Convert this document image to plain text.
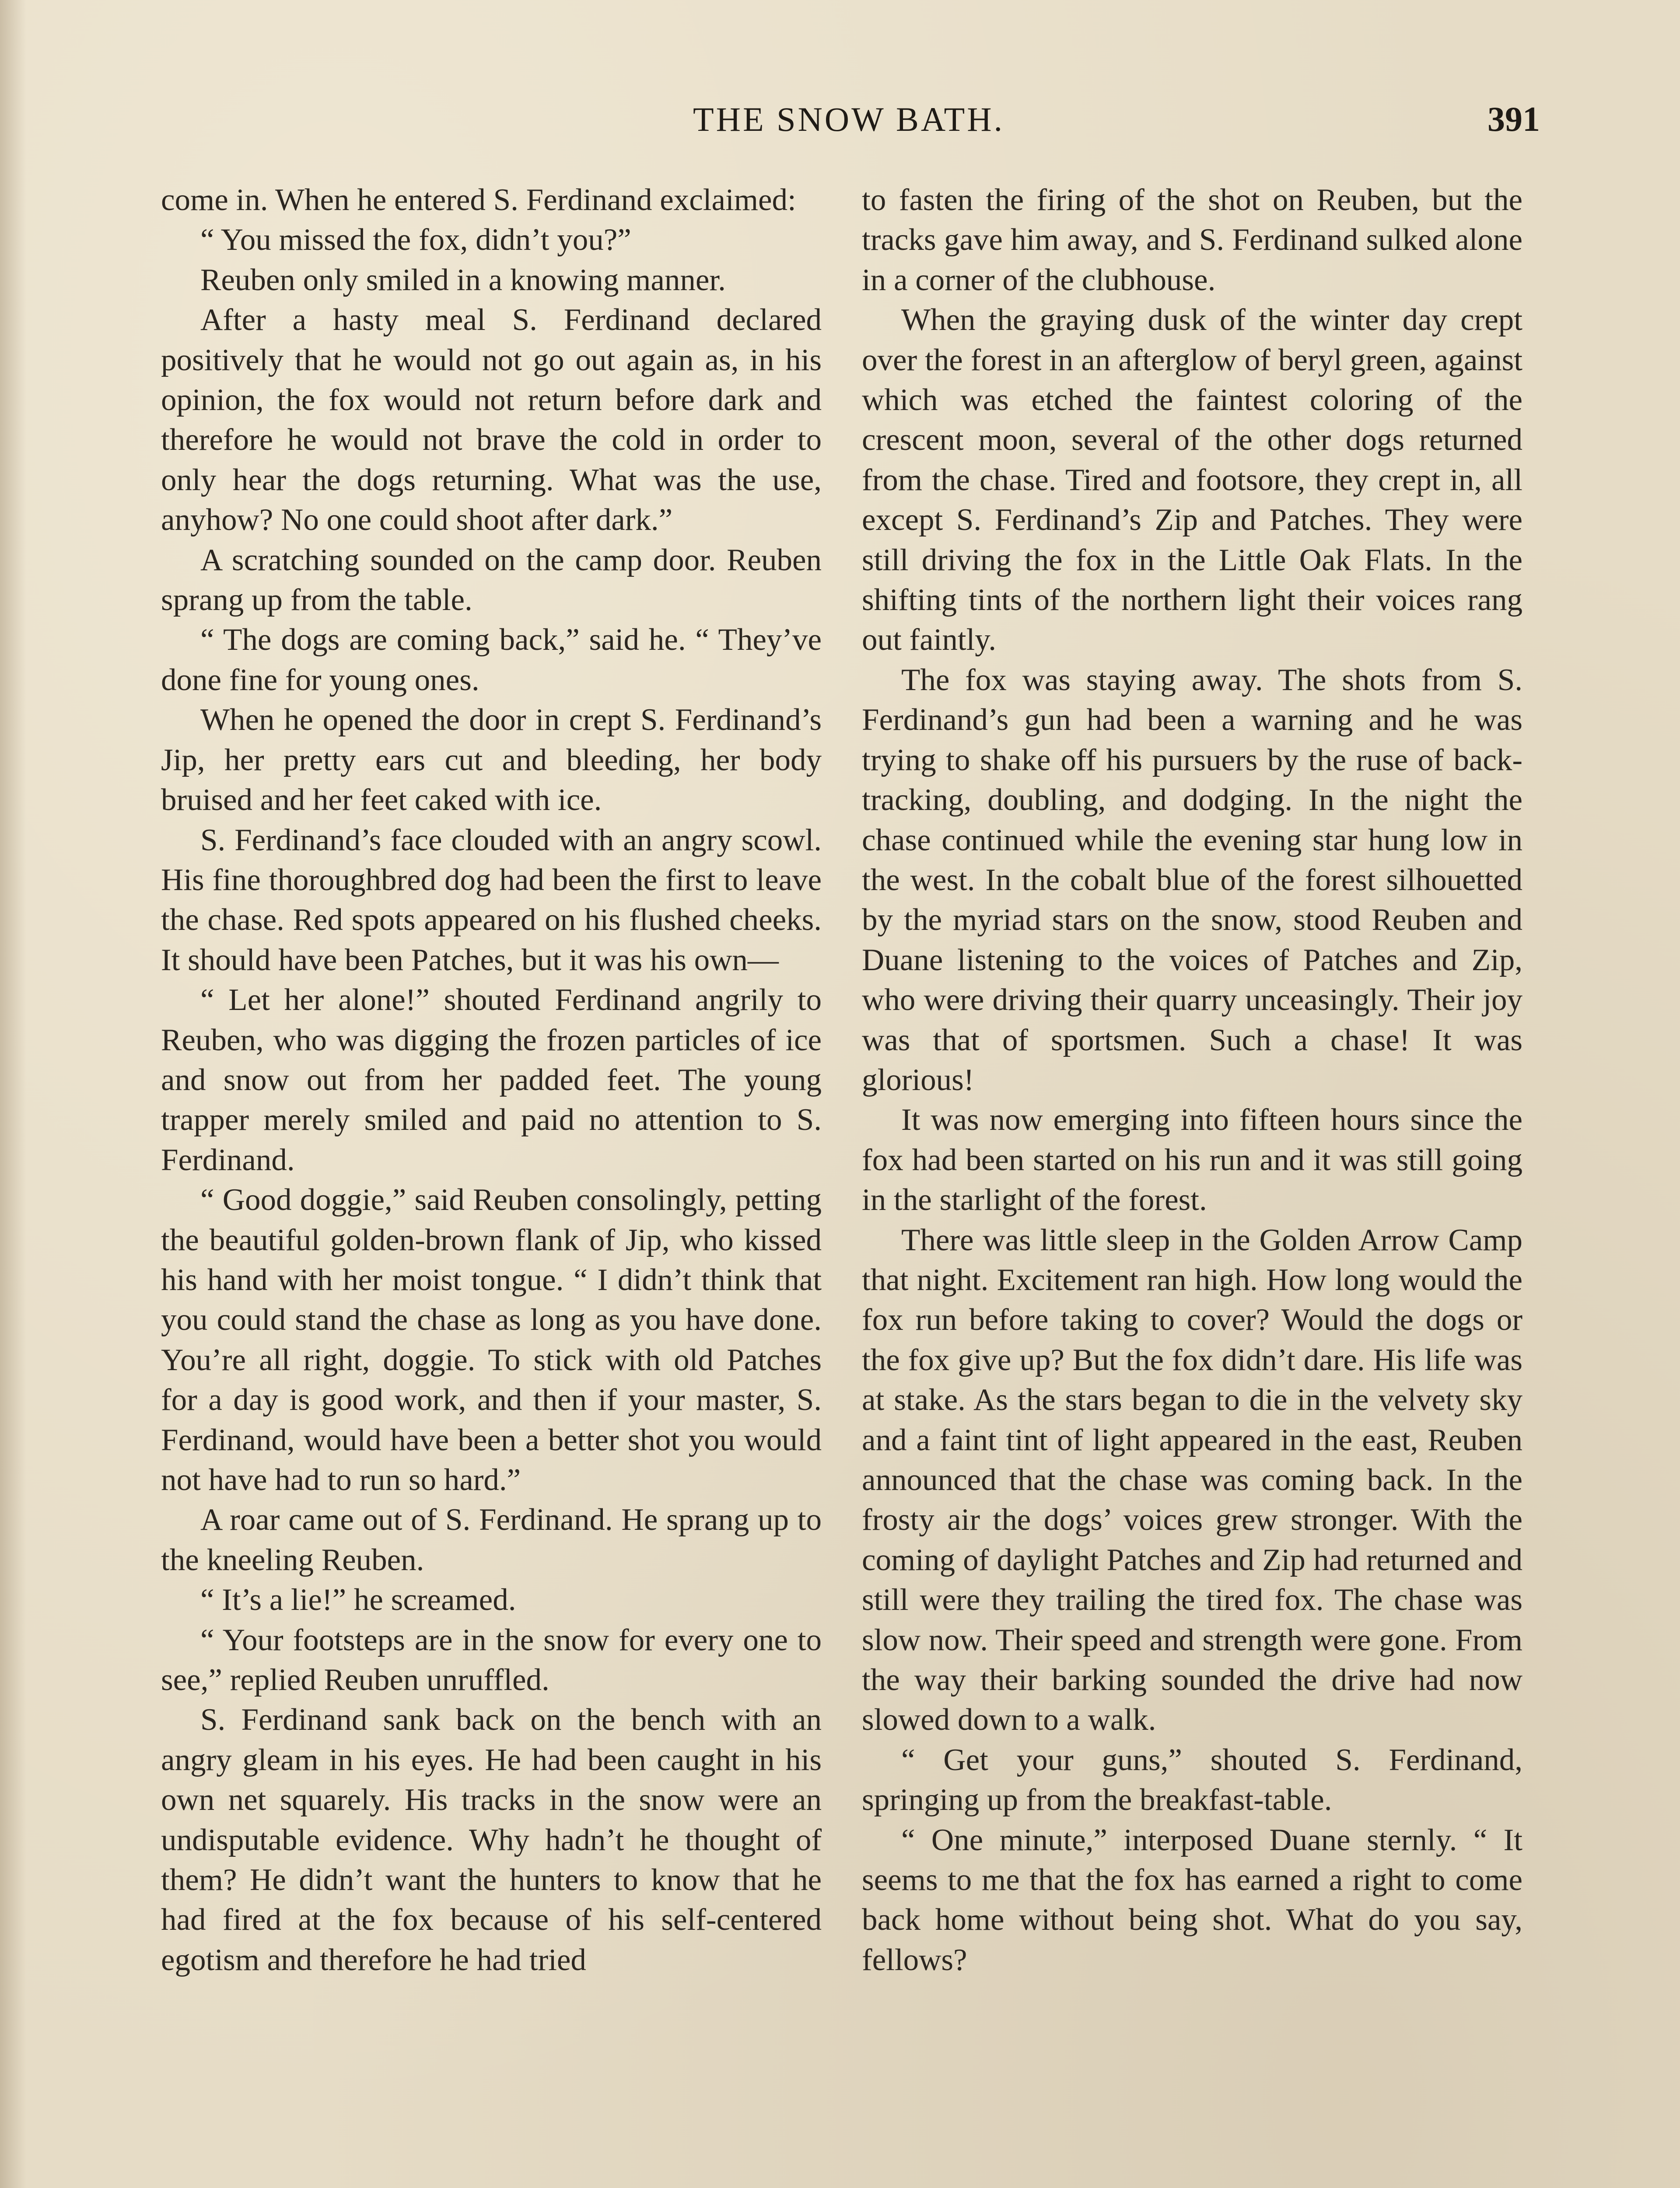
THE SNOW BATH.	391

come in. When he entered S. Ferdinand exclaimed:

“ You missed the fox, didn’t you?”

Reuben only smiled in a knowing manner.

After a hasty meal S. Ferdinand declared positively that he would not go out again as, in his opinion, the fox would not return before dark and therefore he would not brave the cold in order to only hear the dogs returning. What was the use, anyhow? No one could shoot after dark.”

A scratching sounded on the camp door. Reuben sprang up from the table.

“ The dogs are coming back,” said he. “ They’ve done fine for young ones.

When he opened the door in crept S. Ferdinand’s Jip, her pretty ears cut and bleeding, her body bruised and her feet caked with ice.

S. Ferdinand’s face clouded with an angry scowl. His fine thoroughbred dog had been the first to leave the chase. Red spots appeared on his flushed cheeks. It should have been Patches, but it was his own—

“ Let her alone!” shouted Ferdinand angrily to Reuben, who was digging the frozen particles of ice and snow out from her padded feet. The young trapper merely smiled and paid no attention to S. Ferdinand.

“ Good doggie,” said Reuben consolingly, petting the beautiful golden-brown flank of Jip, who kissed his hand with her moist tongue. “ I didn’t think that you could stand the chase as long as you have done. You’re all right, doggie. To stick with old Patches for a day is good work, and then if your master, S. Ferdinand, would have been a better shot you would not have had to run so hard.”

A roar came out of S. Ferdinand. He sprang up to the kneeling Reuben.

“ It’s a lie!” he screamed.

“ Your footsteps are in the snow for every one to see,” replied Reuben unruffled.

S. Ferdinand sank back on the bench with an angry gleam in his eyes. He had been caught in his own net squarely. His tracks in the snow were an undisputable evidence. Why hadn’t he thought of them? He didn’t want the hunters to know that he had fired at the fox because of his self-centered egotism and therefore he had tried

to fasten the firing of the shot on Reuben, but the tracks gave him away, and S. Ferdinand sulked alone in a corner of the clubhouse.

When the graying dusk of the winter day crept over the forest in an afterglow of beryl green, against which was etched the faintest coloring of the crescent moon, several of the other dogs returned from the chase. Tired and footsore, they crept in, all except S. Ferdinand’s Zip and Patches. They were still driving the fox in the Little Oak Flats. In the shifting tints of the northern light their voices rang out faintly.

The fox was staying away. The shots from S. Ferdinand’s gun had been a warning and he was trying to shake off his pursuers by the ruse of back-tracking, doubling, and dodging. In the night the chase continued while the evening star hung low in the west. In the cobalt blue of the forest silhouetted by the myriad stars on the snow, stood Reuben and Duane listening to the voices of Patches and Zip, who were driving their quarry unceasingly. Their joy was that of sportsmen. Such a chase! It was glorious!

It was now emerging into fifteen hours since the fox had been started on his run and it was still going in the starlight of the forest.

There was little sleep in the Golden Arrow Camp that night. Excitement ran high. How long would the fox run before taking to cover? Would the dogs or the fox give up? But the fox didn’t dare. His life was at stake. As the stars began to die in the velvety sky and a faint tint of light appeared in the east, Reuben announced that the chase was coming back. In the frosty air the dogs’ voices grew stronger. With the coming of daylight Patches and Zip had returned and still were they trailing the tired fox. The chase was slow now. Their speed and strength were gone. From the way their barking sounded the drive had now slowed down to a walk.

“ Get your guns,” shouted S. Ferdinand, springing up from the breakfast-table.

“ One minute,” interposed Duane sternly. “ It seems to me that the fox has earned a right to come back home without being shot. What do you say, fellows?
